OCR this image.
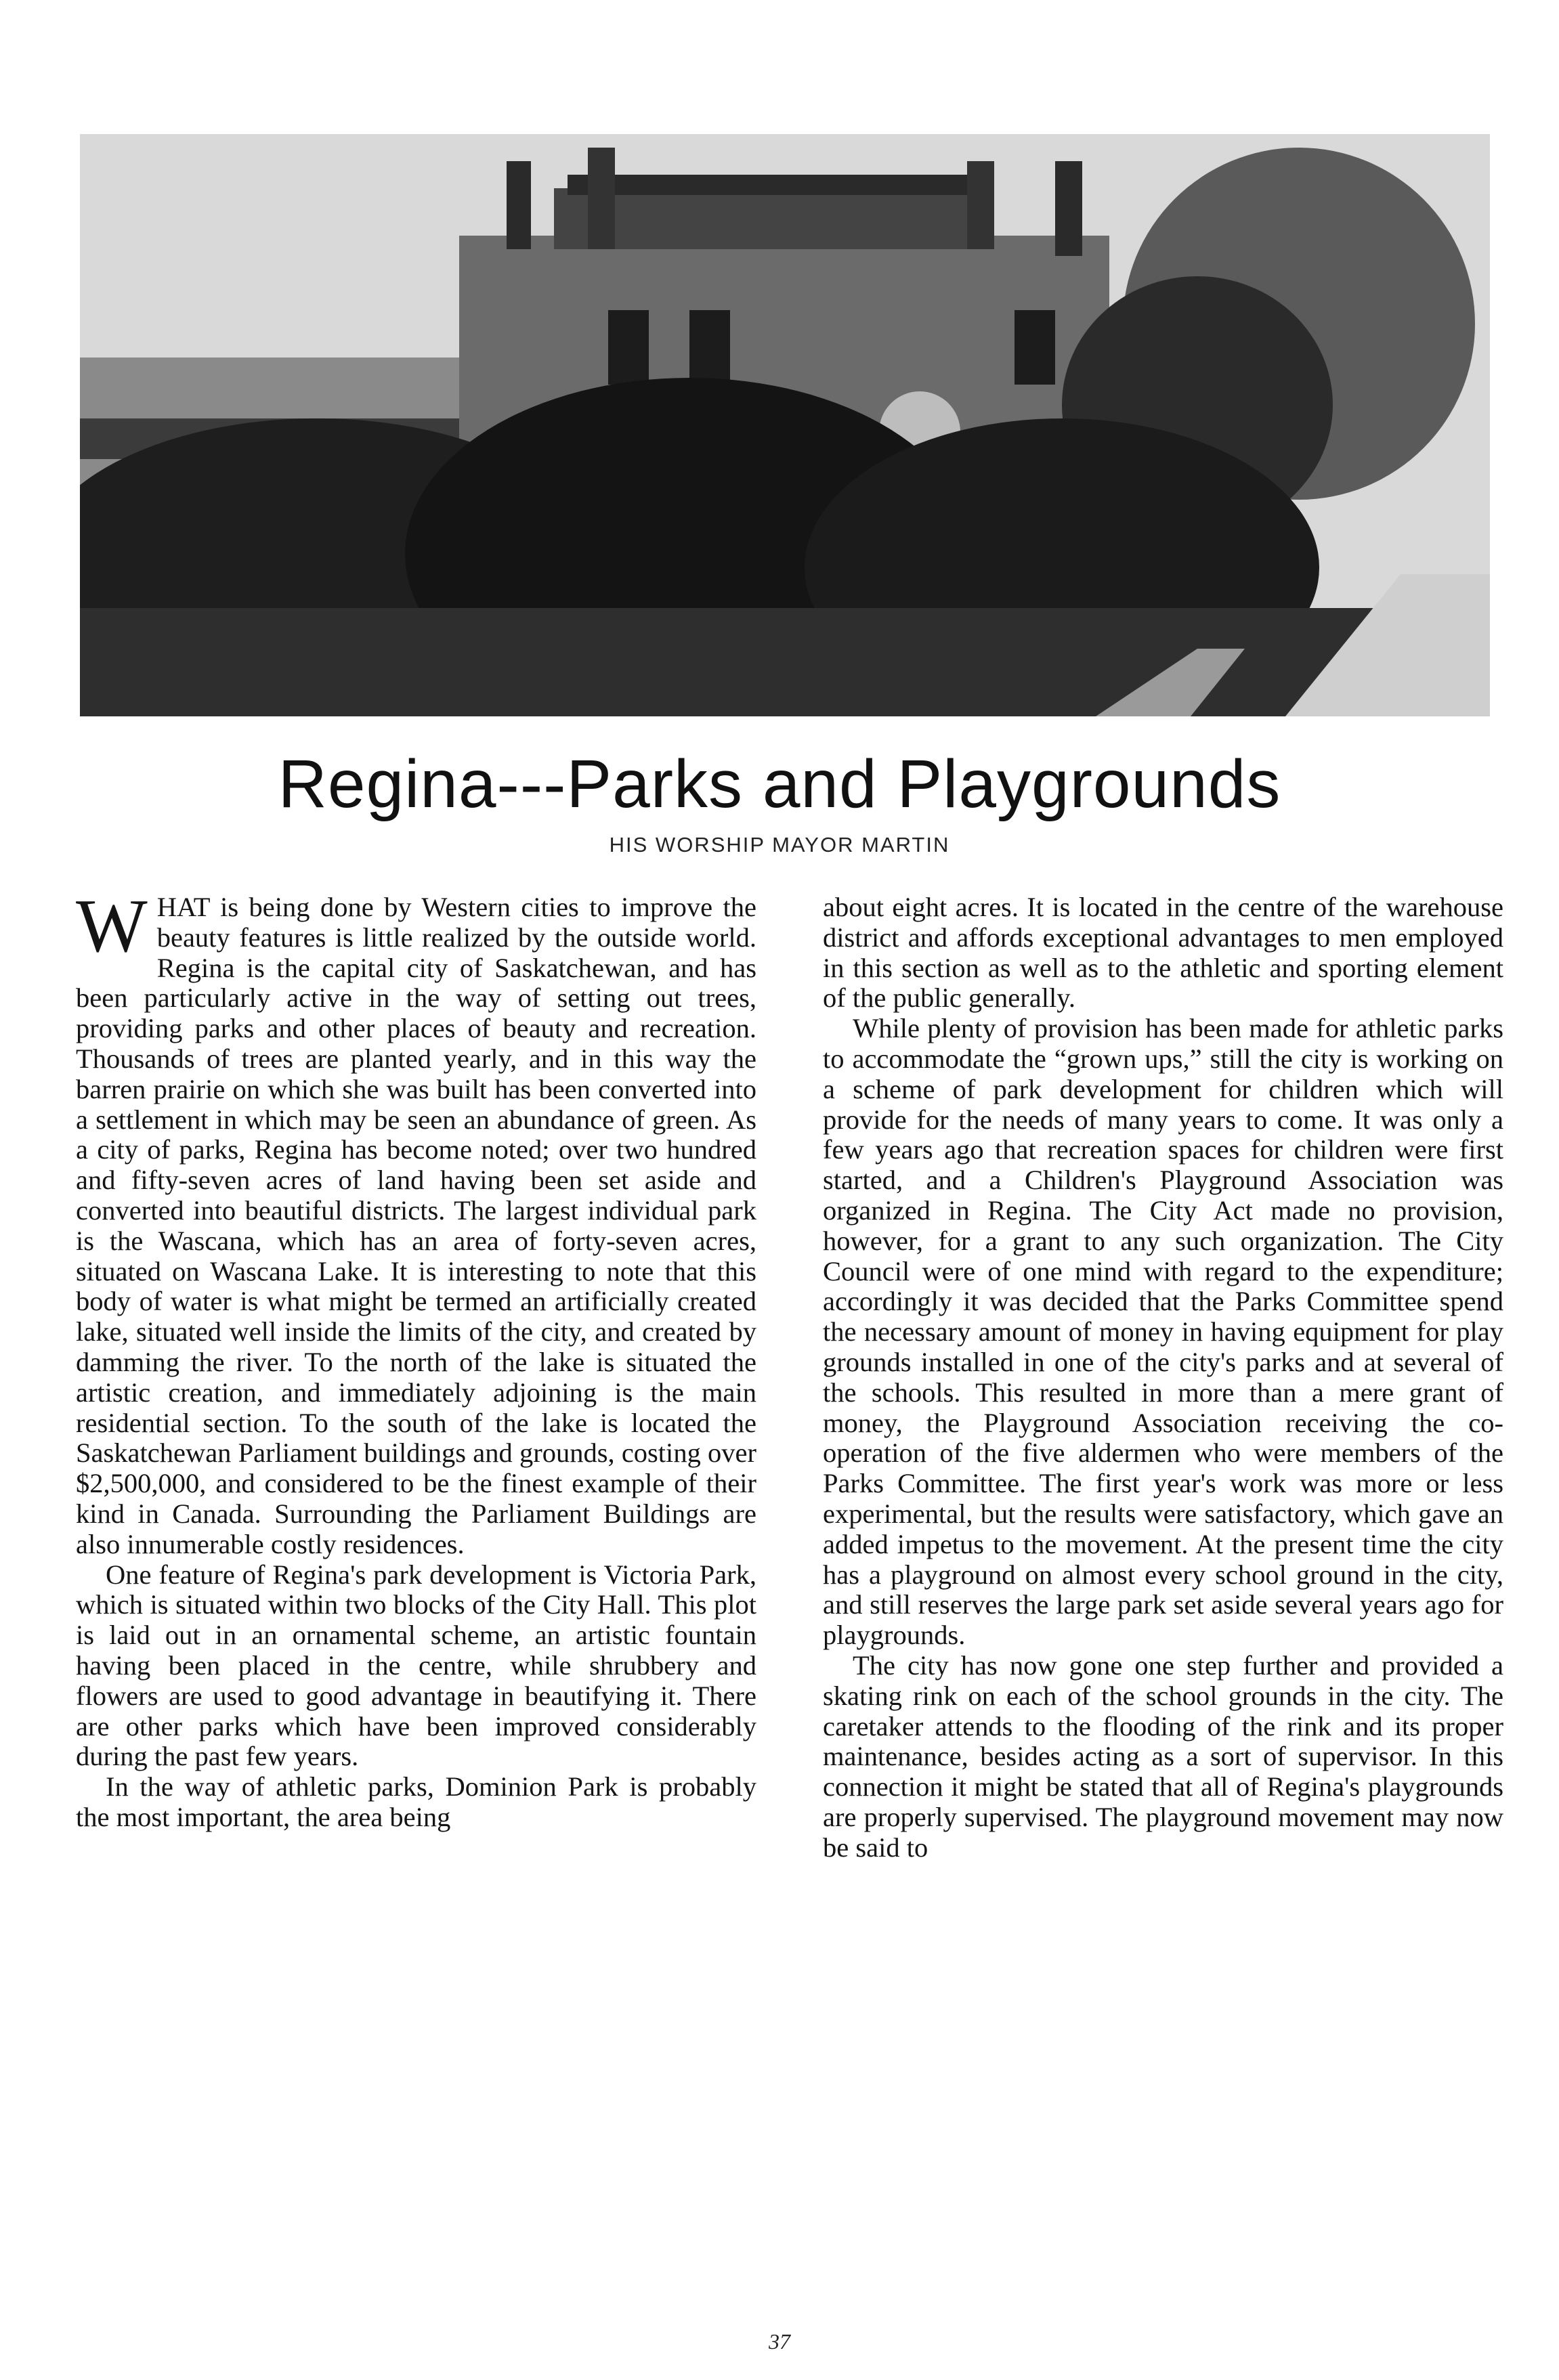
Regina---Parks and Playgrounds
HIS WORSHIP MAYOR MARTIN

WHAT is being done by Western cities to improve the beauty features is little realized by the outside world. Regina is the capital city of Saskatchewan, and has been particularly active in the way of setting out trees, providing parks and other places of beauty and recreation. Thousands of trees are planted yearly, and in this way the barren prairie on which she was built has been converted into a settlement in which may be seen an abundance of green. As a city of parks, Regina has become noted; over two hundred and fifty-seven acres of land having been set aside and converted into beautiful districts. The largest individual park is the Wascana, which has an area of forty-seven acres, situated on Wascana Lake. It is interesting to note that this body of water is what might be termed an artificially created lake, situated well inside the limits of the city, and created by damming the river. To the north of the lake is situated the artistic creation, and immediately adjoining is the main residential section. To the south of the lake is located the Saskatchewan Parliament buildings and grounds, costing over $2,500,000, and considered to be the finest example of their kind in Canada. Surrounding the Parliament Buildings are also innumerable costly residences.

One feature of Regina's park development is Victoria Park, which is situated within two blocks of the City Hall. This plot is laid out in an ornamental scheme, an artistic fountain having been placed in the centre, while shrubbery and flowers are used to good advantage in beautifying it. There are other parks which have been improved considerably during the past few years.

In the way of athletic parks, Dominion Park is probably the most important, the area being

about eight acres. It is located in the centre of the warehouse district and affords exceptional advantages to men employed in this section as well as to the athletic and sporting element of the public generally.

While plenty of provision has been made for athletic parks to accommodate the “grown ups,” still the city is working on a scheme of park development for children which will provide for the needs of many years to come. It was only a few years ago that recreation spaces for children were first started, and a Children's Playground Association was organized in Regina. The City Act made no provision, however, for a grant to any such organization. The City Council were of one mind with regard to the expenditure; accordingly it was decided that the Parks Committee spend the necessary amount of money in having equipment for play grounds installed in one of the city's parks and at several of the schools. This resulted in more than a mere grant of money, the Playground Association receiving the co-operation of the five aldermen who were members of the Parks Committee. The first year's work was more or less experimental, but the results were satisfactory, which gave an added impetus to the movement. At the present time the city has a playground on almost every school ground in the city, and still reserves the large park set aside several years ago for playgrounds.

The city has now gone one step further and provided a skating rink on each of the school grounds in the city. The caretaker attends to the flooding of the rink and its proper maintenance, besides acting as a sort of supervisor. In this connection it might be stated that all of Regina's playgrounds are properly supervised. The playground movement may now be said to

37
